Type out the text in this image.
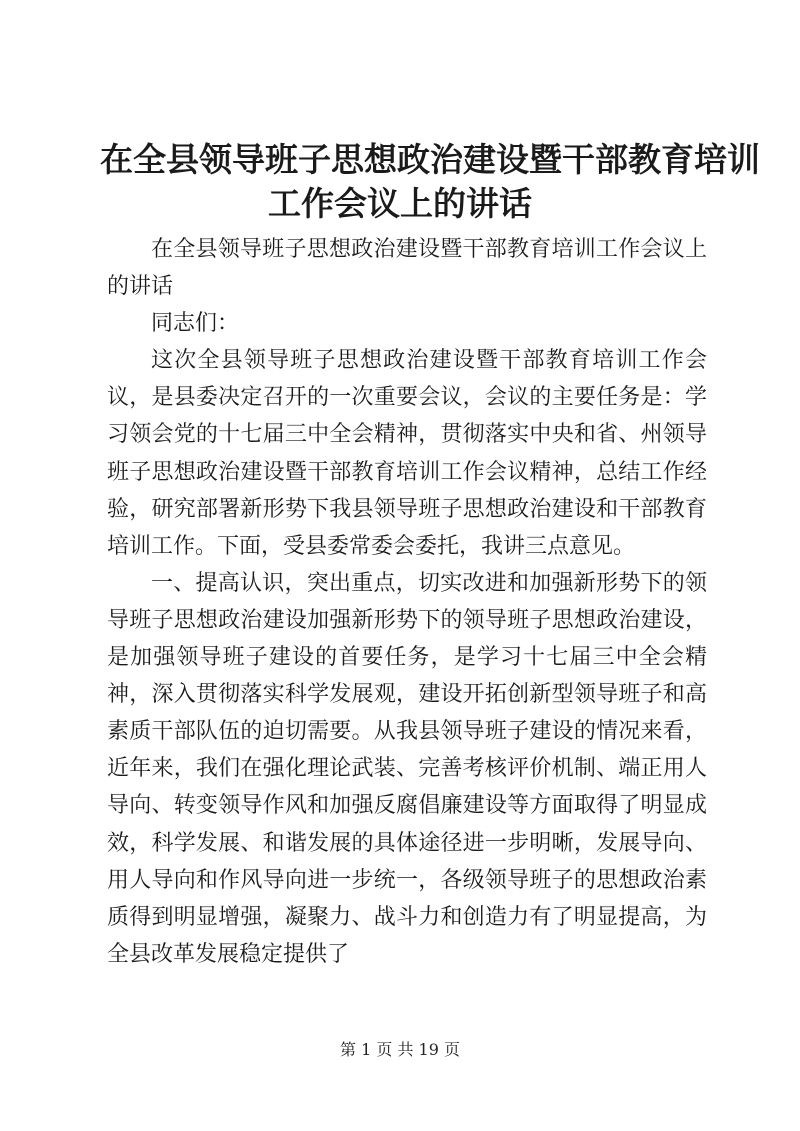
在全县领导班子思想政治建设暨干部教育培训
工作会议上的讲话

在全县领导班子思想政治建设暨干部教育培训工作会议上的讲话

同志们：

这次全县领导班子思想政治建设暨干部教育培训工作会议，是县委决定召开的一次重要会议，会议的主要任务是：学习领会党的十七届三中全会精神，贯彻落实中央和省、州领导班子思想政治建设暨干部教育培训工作会议精神，总结工作经验，研究部署新形势下我县领导班子思想政治建设和干部教育培训工作。下面，受县委常委会委托，我讲三点意见。

一、提高认识，突出重点，切实改进和加强新形势下的领导班子思想政治建设加强新形势下的领导班子思想政治建设，是加强领导班子建设的首要任务，是学习十七届三中全会精神，深入贯彻落实科学发展观，建设开拓创新型领导班子和高素质干部队伍的迫切需要。从我县领导班子建设的情况来看，近年来，我们在强化理论武装、完善考核评价机制、端正用人导向、转变领导作风和加强反腐倡廉建设等方面取得了明显成效，科学发展、和谐发展的具体途径进一步明晰，发展导向、用人导向和作风导向进一步统一，各级领导班子的思想政治素质得到明显增强，凝聚力、战斗力和创造力有了明显提高，为全县改革发展稳定提供了

第 1 页 共 19 页
